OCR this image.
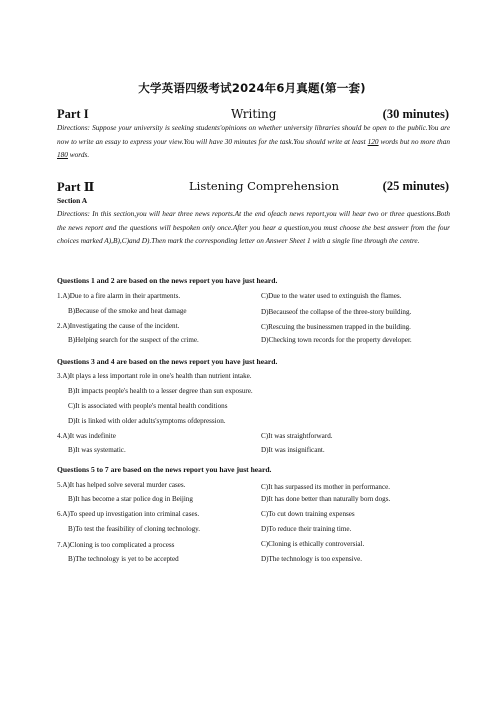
大学英语四级考试2024年6月真题(第一套)
Part I	Writing	(30 minutes)
Directions: Suppose your university is seeking students'opinions on whether university libraries should be open to the public.You are now to write an essay to express your view.You will have 30 minutes for the task.You should write at least 120 words but no more than 180 words.
Part Ⅱ	Listening Comprehension	(25 minutes)
Section A
Directions: In this section,you will hear three news reports.At the end ofeach news report,you will hear two or three questions.Both the news report and the questions will bespoken only once.After you hear a question,you must choose the best answer from the four choices marked A),B),C)and D).Then mark the corresponding letter on Answer Sheet 1 with a single line through the centre.
Questions 1 and 2 are based on the news report you have just heard.
1.A)Due to a fire alarm in their apartments.	C)Due to the water used to extinguish the flames.
B)Because of the smoke and heat damage	D)Becauseof the collapse of the three-story building.
2.A)Investigating the cause of the incident.	C)Rescuing the businessmen trapped in the building.
B)Helping search for the suspect of the crime.	D)Checking town records for the property developer.
Questions 3 and 4 are based on the news report you have just heard.
3.A)It plays a less important role in one's health than nutrient intake.
B)It impacts people's health to a lesser degree than sun exposure.
C)It is associated with people's mental health conditions
D)It is linked with older adults'symptoms ofdepression.
4.A)It was indefinite	C)It was straightforward.
B)It was systematic.	D)It was insignificant.
Questions 5 to 7 are based on the news report you have just heard.
5.A)It has helped solve several murder cases.	C)It has surpassed its mother in performance.
B)It has become a star police dog in Beijing	D)It has done better than naturally born dogs.
6.A)To speed up investigation into criminal cases.	C)To cut down training expenses
B)To test the feasibility of cloning technology.	D)To reduce their training time.
7.A)Cloning is too complicated a process	C)Cloning is ethically controversial.
B)The technology is yet to be accepted	D)The technology is too expensive.
